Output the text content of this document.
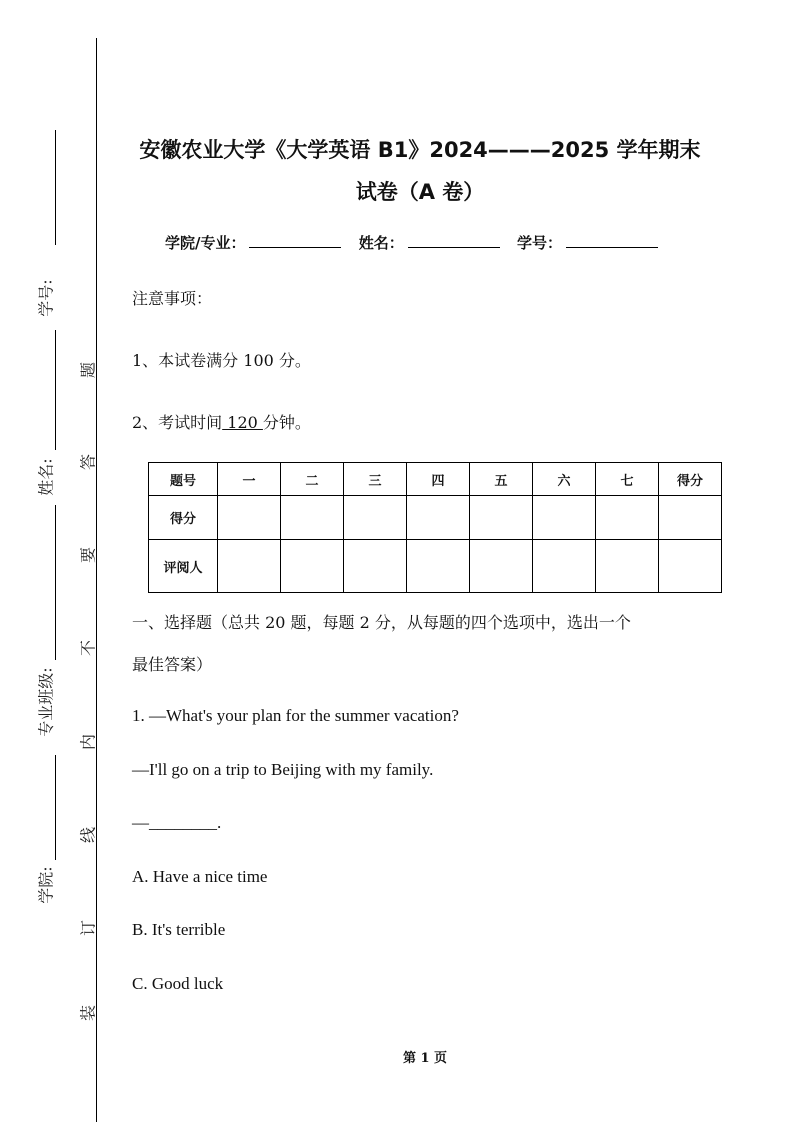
学号:
姓名:
专业班级:
学院:
题
答
要
不
内
线
订
装
安徽农业大学《大学英语 B1》2024———2025 学年期末
试卷（A 卷）
学院/专业：	姓名：	学号：
注意事项：
1、本试卷满分 100 分。
2、考试时间 120 分钟。
题号	一	二	三	四	五	六	七	得分
得分								
评阅人								
一、选择题（总共 20 题，每题 2 分，从每题的四个选项中，选出一个
最佳答案）
1. —What's your plan for the summer vacation?
—I'll go on a trip to Beijing with my family.
—________.
A. Have a nice time
B. It's terrible
C. Good luck
第 1 页
